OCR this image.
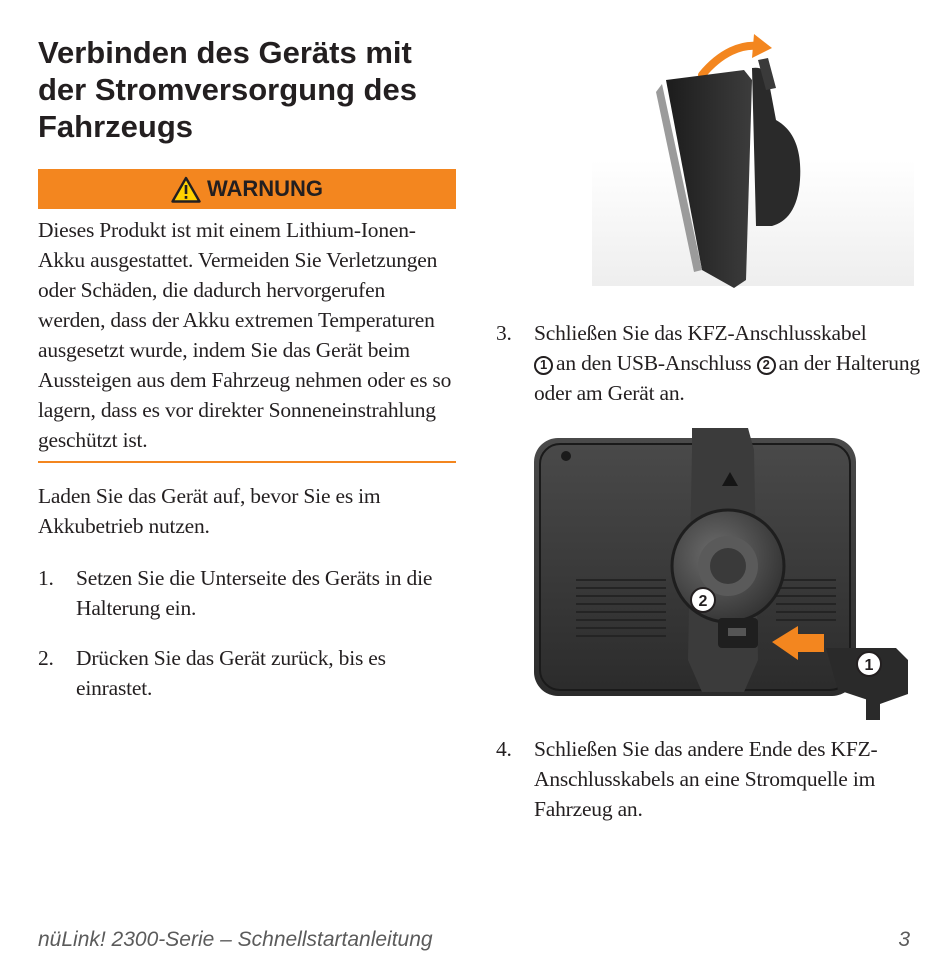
Verbinden des Geräts mit der Stromversorgung des Fahrzeugs
WARNUNG

Dieses Produkt ist mit einem Lithium-Ionen-Akku ausgestattet. Vermeiden Sie Verletzungen oder Schäden, die dadurch hervorgerufen werden, dass der Akku extremen Temperaturen ausgesetzt wurde, indem Sie das Gerät beim Aussteigen aus dem Fahrzeug nehmen oder es so lagern, dass es vor direkter Sonneneinstrahlung geschützt ist.

Laden Sie das Gerät auf, bevor Sie es im Akkubetrieb nutzen.

1.	Setzen Sie die Unterseite des Geräts in die Halterung ein.
2.	Drücken Sie das Gerät zurück, bis es einrastet.
3.	Schließen Sie das KFZ-Anschlusskabel
1 an den USB-Anschluss 2 an der Halterung oder am Gerät an.
2
1
4.	Schließen Sie das andere Ende des KFZ-Anschlusskabels an eine Stromquelle im Fahrzeug an.
nüLink! 2300-Serie – Schnellstartanleitung	3
